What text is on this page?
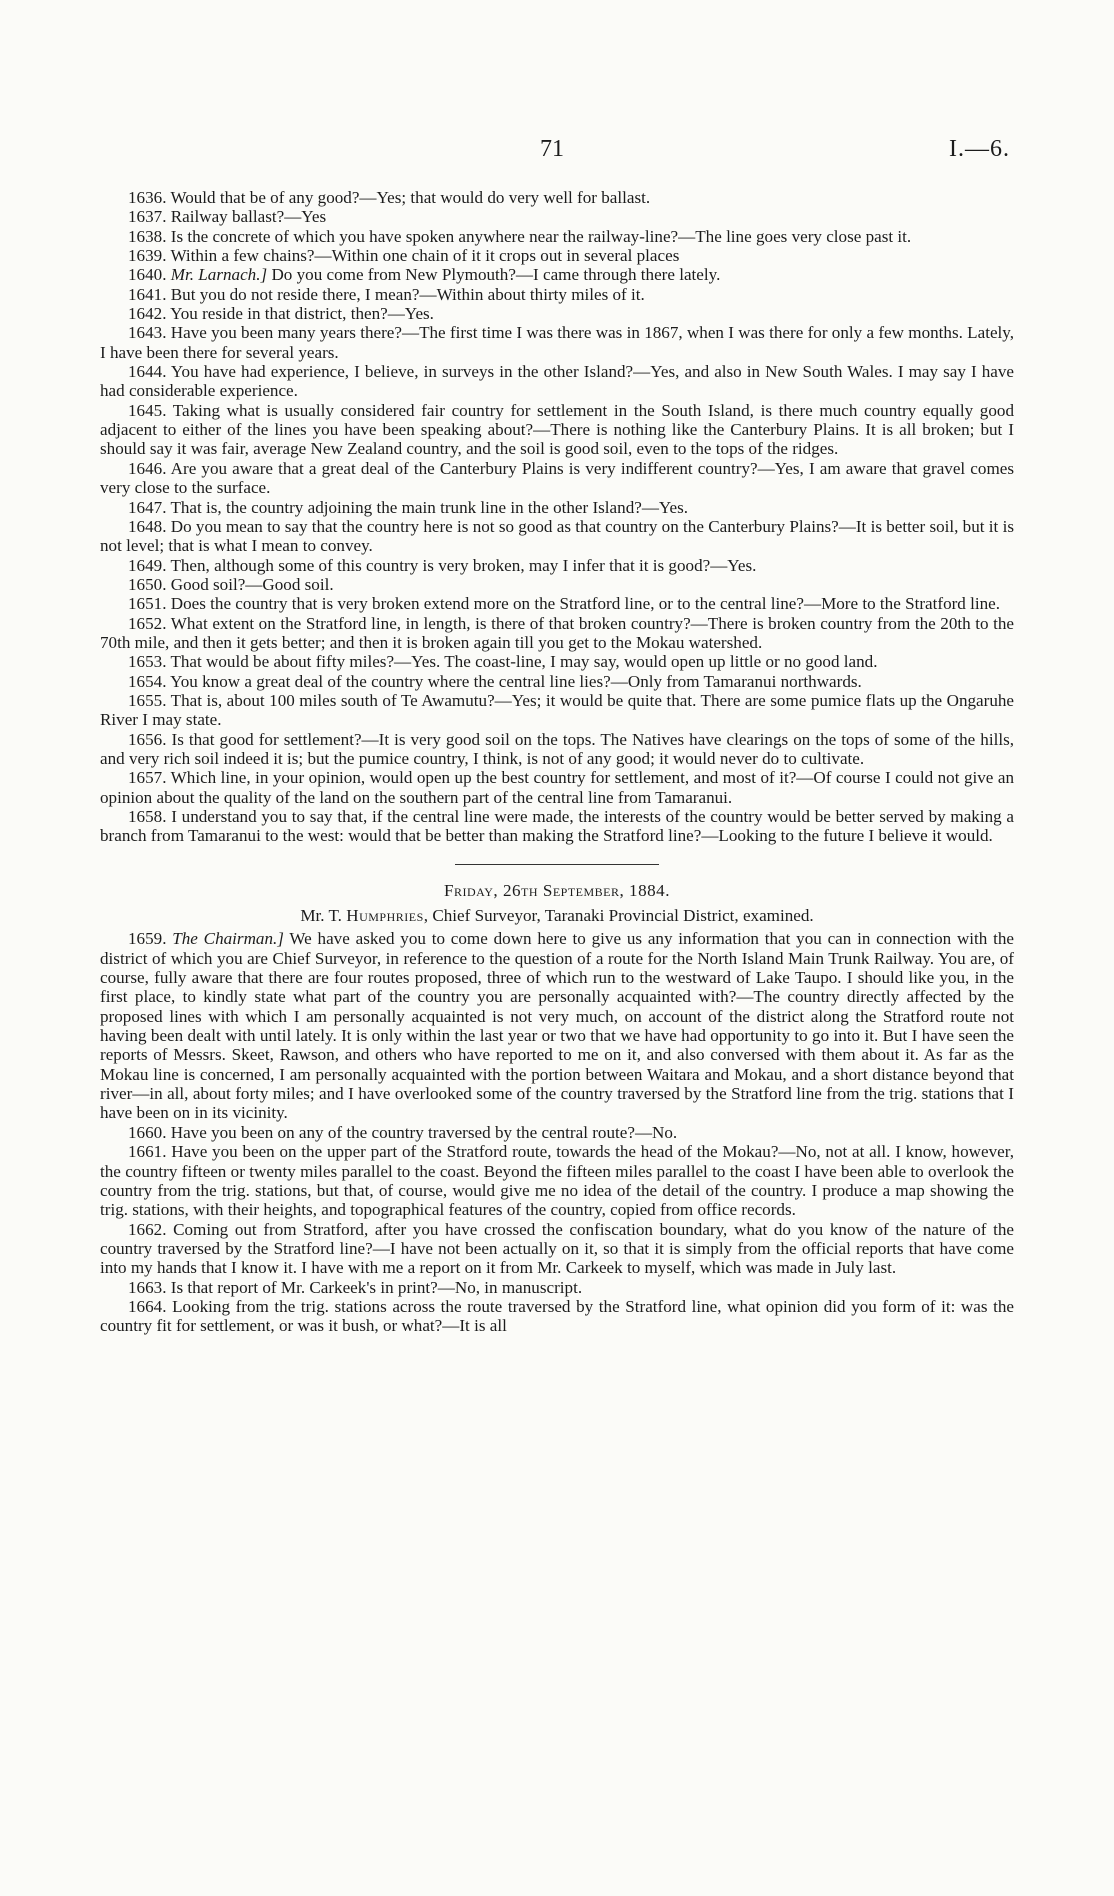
71	I.—6.

1636. Would that be of any good?—Yes; that would do very well for ballast.

1637. Railway ballast?—Yes

1638. Is the concrete of which you have spoken anywhere near the railway-line?—The line goes very close past it.

1639. Within a few chains?—Within one chain of it it crops out in several places

1640. Mr. Larnach.] Do you come from New Plymouth?—I came through there lately.

1641. But you do not reside there, I mean?—Within about thirty miles of it.

1642. You reside in that district, then?—Yes.

1643. Have you been many years there?—The first time I was there was in 1867, when I was there for only a few months. Lately, I have been there for several years.

1644. You have had experience, I believe, in surveys in the other Island?—Yes, and also in New South Wales. I may say I have had considerable experience.

1645. Taking what is usually considered fair country for settlement in the South Island, is there much country equally good adjacent to either of the lines you have been speaking about?—There is nothing like the Canterbury Plains. It is all broken; but I should say it was fair, average New Zealand country, and the soil is good soil, even to the tops of the ridges.

1646. Are you aware that a great deal of the Canterbury Plains is very indifferent country?—Yes, I am aware that gravel comes very close to the surface.

1647. That is, the country adjoining the main trunk line in the other Island?—Yes.

1648. Do you mean to say that the country here is not so good as that country on the Canterbury Plains?—It is better soil, but it is not level; that is what I mean to convey.

1649. Then, although some of this country is very broken, may I infer that it is good?—Yes.

1650. Good soil?—Good soil.

1651. Does the country that is very broken extend more on the Stratford line, or to the central line?—More to the Stratford line.

1652. What extent on the Stratford line, in length, is there of that broken country?—There is broken country from the 20th to the 70th mile, and then it gets better; and then it is broken again till you get to the Mokau watershed.

1653. That would be about fifty miles?—Yes. The coast-line, I may say, would open up little or no good land.

1654. You know a great deal of the country where the central line lies?—Only from Tamaranui northwards.

1655. That is, about 100 miles south of Te Awamutu?—Yes; it would be quite that. There are some pumice flats up the Ongaruhe River I may state.

1656. Is that good for settlement?—It is very good soil on the tops. The Natives have clearings on the tops of some of the hills, and very rich soil indeed it is; but the pumice country, I think, is not of any good; it would never do to cultivate.

1657. Which line, in your opinion, would open up the best country for settlement, and most of it?—Of course I could not give an opinion about the quality of the land on the southern part of the central line from Tamaranui.

1658. I understand you to say that, if the central line were made, the interests of the country would be better served by making a branch from Tamaranui to the west: would that be better than making the Stratford line?—Looking to the future I believe it would.

Friday, 26th September, 1884.

Mr. T. Humphries, Chief Surveyor, Taranaki Provincial District, examined.

1659. The Chairman.] We have asked you to come down here to give us any information that you can in connection with the district of which you are Chief Surveyor, in reference to the question of a route for the North Island Main Trunk Railway. You are, of course, fully aware that there are four routes proposed, three of which run to the westward of Lake Taupo. I should like you, in the first place, to kindly state what part of the country you are personally acquainted with?—The country directly affected by the proposed lines with which I am personally acquainted is not very much, on account of the district along the Stratford route not having been dealt with until lately. It is only within the last year or two that we have had opportunity to go into it. But I have seen the reports of Messrs. Skeet, Rawson, and others who have reported to me on it, and also conversed with them about it. As far as the Mokau line is concerned, I am personally acquainted with the portion between Waitara and Mokau, and a short distance beyond that river—in all, about forty miles; and I have overlooked some of the country traversed by the Stratford line from the trig. stations that I have been on in its vicinity.

1660. Have you been on any of the country traversed by the central route?—No.

1661. Have you been on the upper part of the Stratford route, towards the head of the Mokau?—No, not at all. I know, however, the country fifteen or twenty miles parallel to the coast. Beyond the fifteen miles parallel to the coast I have been able to overlook the country from the trig. stations, but that, of course, would give me no idea of the detail of the country. I produce a map showing the trig. stations, with their heights, and topographical features of the country, copied from office records.

1662. Coming out from Stratford, after you have crossed the confiscation boundary, what do you know of the nature of the country traversed by the Stratford line?—I have not been actually on it, so that it is simply from the official reports that have come into my hands that I know it. I have with me a report on it from Mr. Carkeek to myself, which was made in July last.

1663. Is that report of Mr. Carkeek's in print?—No, in manuscript.

1664. Looking from the trig. stations across the route traversed by the Stratford line, what opinion did you form of it: was the country fit for settlement, or was it bush, or what?—It is all
